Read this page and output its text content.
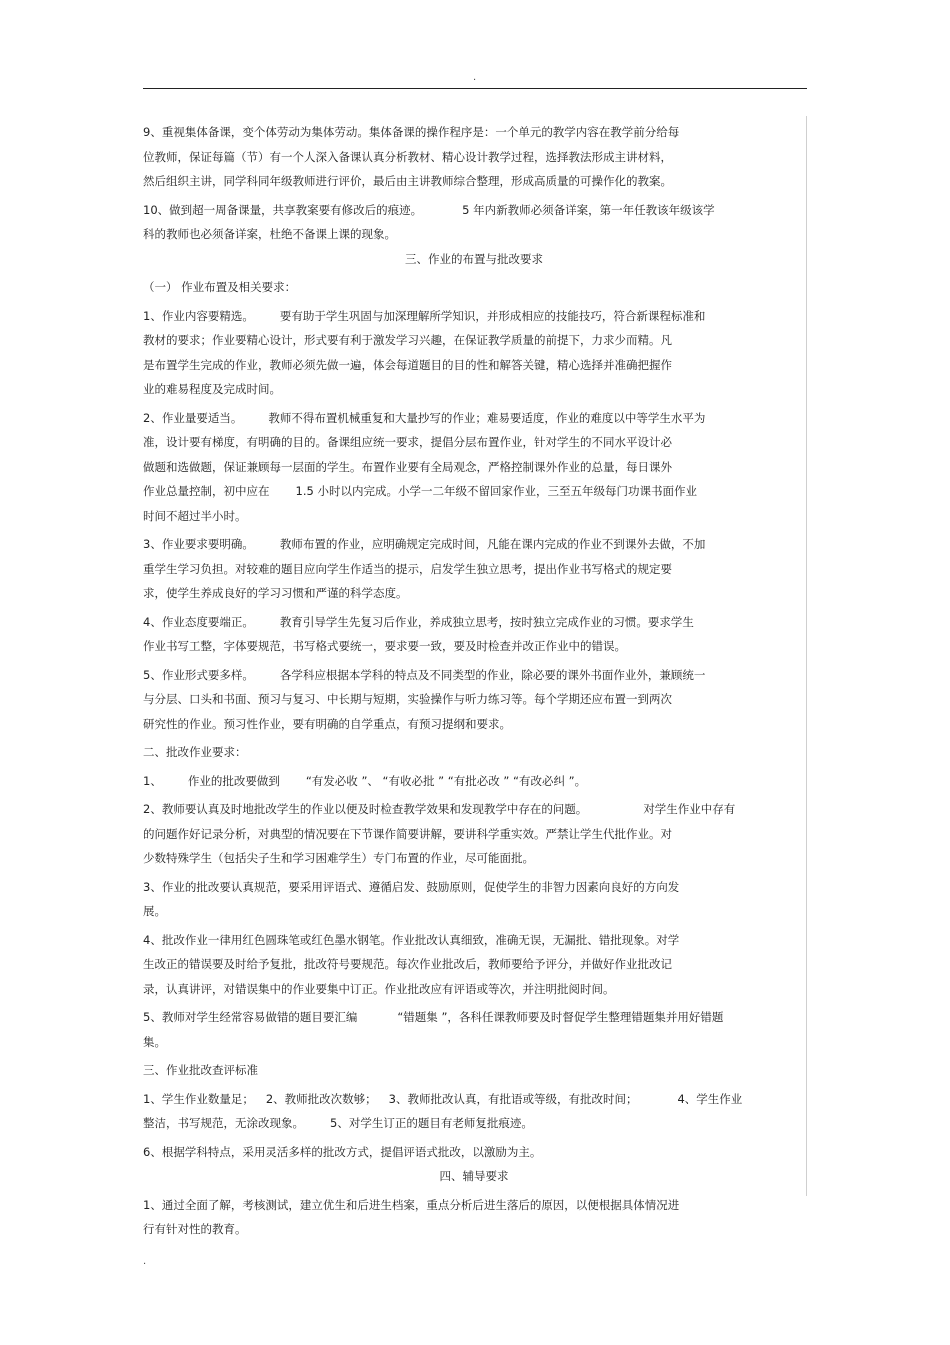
.
9、重视集体备课，变个体劳动为集体劳动。集体备课的操作程序是：一个单元的教学内容在教学前分给每
位教师，保证每篇（节）有一个人深入备课认真分析教材、精心设计教学过程，选择教法形成主讲材料，
然后组织主讲，同学科同年级教师进行评价，最后由主讲教师综合整理，形成高质量的可操作化的教案。
10、做到超一周备课量，共享教案要有修改后的痕迹。	5 年内新教师必须备详案，第一年任教该年级该学
科的教师也必须备详案，杜绝不备课上课的现象。
三、作业的布置与批改要求
（一） 作业布置及相关要求：
1、作业内容要精选。 要有助于学生巩固与加深理解所学知识，并形成相应的技能技巧，符合新课程标准和
教材的要求；作业要精心设计，形式要有利于激发学习兴趣，在保证教学质量的前提下，力求少而精。凡
是布置学生完成的作业，教师必须先做一遍，体会每道题目的目的性和解答关键，精心选择并准确把握作
业的难易程度及完成时间。
2、作业量要适当。 教师不得布置机械重复和大量抄写的作业；难易要适度，作业的难度以中等学生水平为
准，设计要有梯度，有明确的目的。备课组应统一要求，提倡分层布置作业，针对学生的不同水平设计必
做题和选做题，保证兼顾每一层面的学生。布置作业要有全局观念，严格控制课外作业的总量，每日课外
作业总量控制，初中应在 1.5 小时以内完成。小学一二年级不留回家作业，三至五年级每门功课书面作业
时间不超过半小时。
3、作业要求要明确。 教师布置的作业，应明确规定完成时间，凡能在课内完成的作业不到课外去做，不加
重学生学习负担。对较难的题目应向学生作适当的提示，启发学生独立思考，提出作业书写格式的规定要
求，使学生养成良好的学习习惯和严谨的科学态度。
4、作业态度要端正。 教育引导学生先复习后作业，养成独立思考，按时独立完成作业的习惯。要求学生
作业书写工整，字体要规范，书写格式要统一，要求要一致，要及时检查并改正作业中的错误。
5、作业形式要多样。 各学科应根据本学科的特点及不同类型的作业，除必要的课外书面作业外，兼顾统一
与分层、口头和书面、预习与复习、中长期与短期，实验操作与听力练习等。每个学期还应布置一到两次
研究性的作业。预习性作业，要有明确的自学重点，有预习提纲和要求。
二、批改作业要求：
1、 作业的批改要做到 “有发必收 ”、 “有收必批 ” “有批必改 ” “有改必纠 ”。
2、教师要认真及时地批改学生的作业以便及时检查教学效果和发现教学中存在的问题。	对学生作业中存有
的问题作好记录分析，对典型的情况要在下节课作简要讲解，要讲科学重实效。严禁让学生代批作业。对
少数特殊学生（包括尖子生和学习困难学生）专门布置的作业，尽可能面批。
3、作业的批改要认真规范，要采用评语式、遵循启发、鼓励原则，促使学生的非智力因素向良好的方向发
展。
4、批改作业一律用红色圆珠笔或红色墨水钢笔。作业批改认真细致，准确无误，无漏批、错批现象。对学
生改正的错误要及时给予复批，批改符号要规范。每次作业批改后，教师要给予评分，并做好作业批改记
录，认真讲评，对错误集中的作业要集中订正。作业批改应有评语或等次，并注明批阅时间。
5、教师对学生经常容易做错的题目要汇编	“错题集 ”，各科任课教师要及时督促学生整理错题集并用好错题
集。
三、作业批改查评标准
1、学生作业数量足； 2、教师批改次数够； 3、教师批改认真，有批语或等级，有批改时间；	4、学生作业
整洁，书写规范，无涂改现象。 5、对学生订正的题目有老师复批痕迹。
6、根据学科特点，采用灵活多样的批改方式，提倡评语式批改，以激励为主。
四、辅导要求
1、通过全面了解，考核测试，建立优生和后进生档案，重点分析后进生落后的原因，以便根据具体情况进
行有针对性的教育。
.
